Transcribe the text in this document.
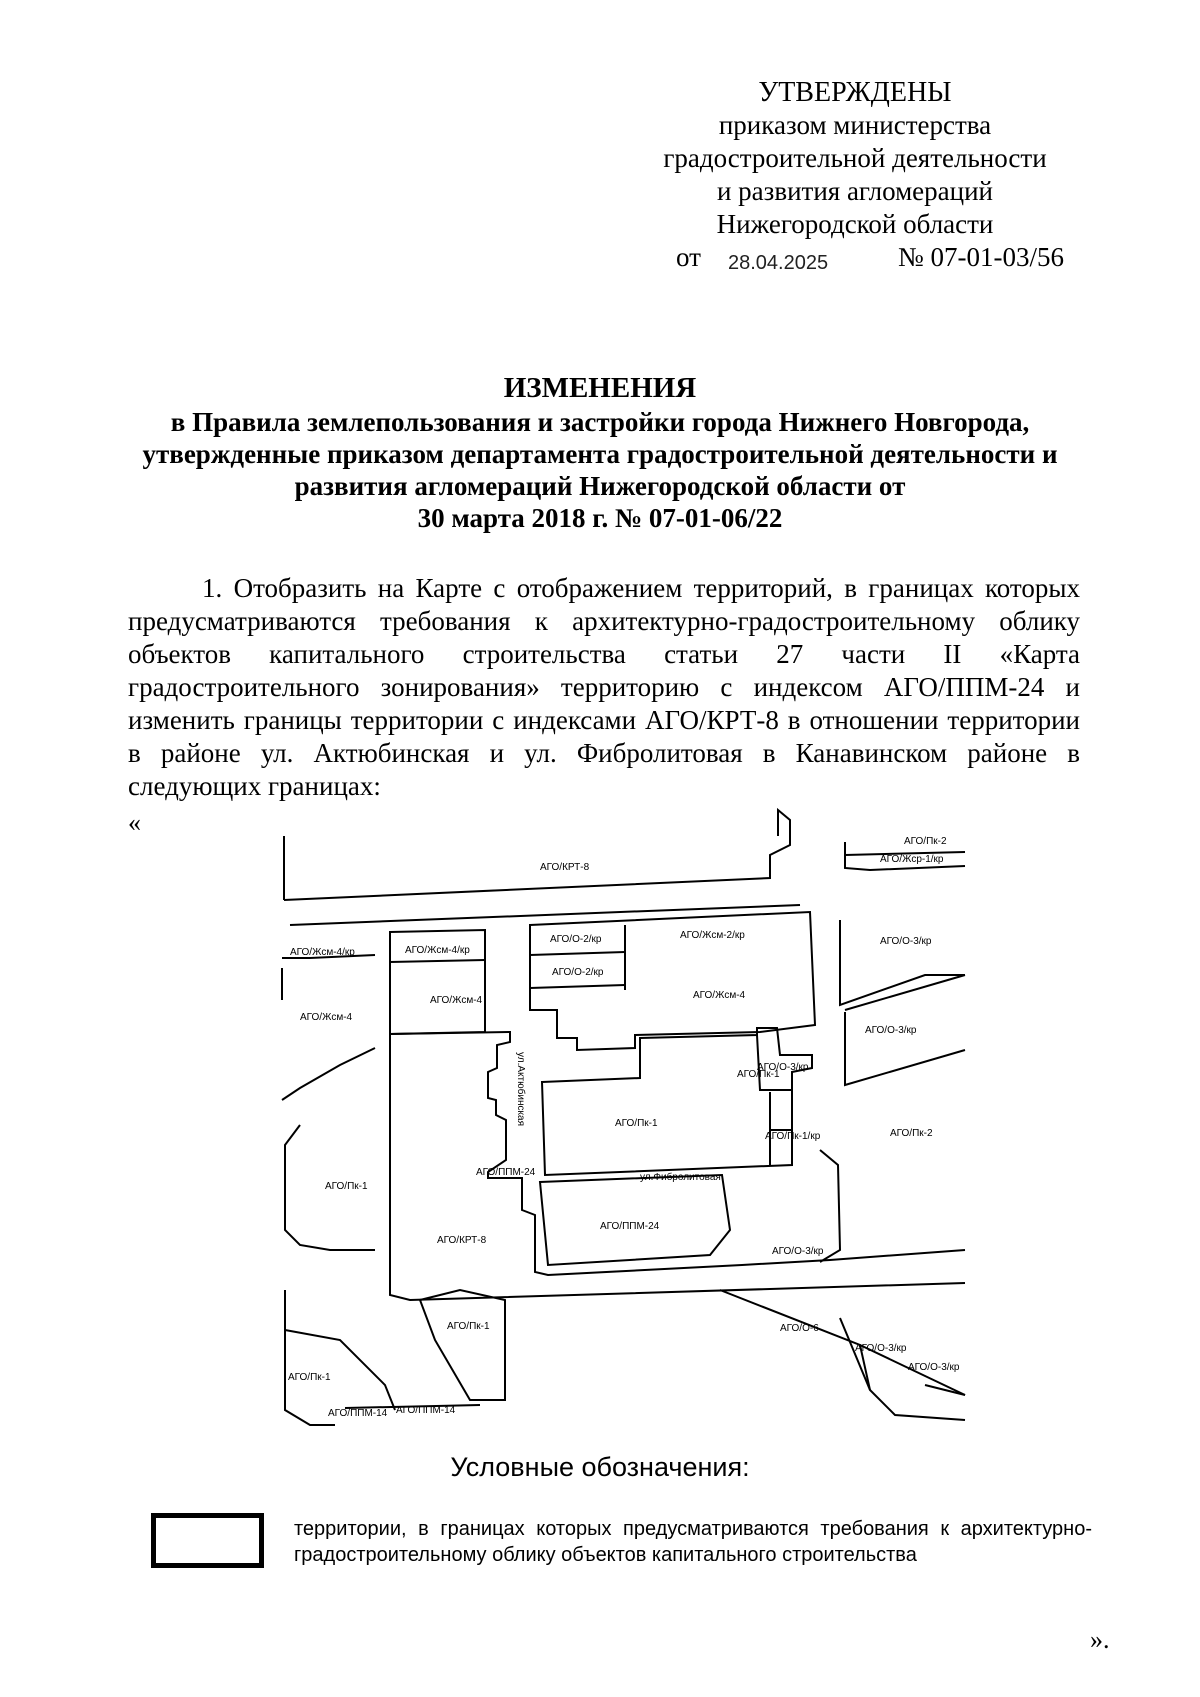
УТВЕРЖДЕНЫ
приказом министерства
градостроительной деятельности
и развития агломераций
Нижегородской области
от 28.04.2025	№ 07-01-03/56
ИЗМЕНЕНИЯ
в Правила землепользования и застройки города Нижнего Новгорода,
утвержденные приказом департамента градостроительной деятельности и
развития агломераций Нижегородской области от
30 марта 2018 г. № 07-01-06/22
1. Отобразить на Карте с отображением территорий, в границах которых предусматриваются требования к архитектурно-градостроительному облику объектов капитального строительства статьи 27 части II «Карта градостроительного зонирования» территорию с индексом АГО/ППМ-24 и изменить границы территории с индексами АГО/КРТ-8 в отношении территории в районе ул. Актюбинская и ул. Фибролитовая в Канавинском районе в следующих границах:
«
АГО/КРТ-8
АГО/Пк-2
АГО/Жср-1/кр
АГО/Жсм-4/кр	АГО/Жсм-4/кр
АГО/О-2/кр	АГО/Жсм-2/кр
АГО/О-3/кр
АГО/О-2/кр
АГО/Жсм-4	АГО/Жсм-4
АГО/Жсм-4
АГО/О-3/кр
ул.Актюбинская	АГО/О-3/кр
АГО/Пк-1
АГО/Пк-1
АГО/Пк-1/кр	АГО/Пк-2
АГО/ППМ-24	ул.Фибролитовая
АГО/Пк-1
АГО/ППМ-24
АГО/КРТ-8
АГО/О-3/кр
АГО/Пк-1	АГО/О-6
АГО/О-3/кр
АГО/О-3/кр
АГО/Пк-1
АГО/ППМ-14 АГО/ППМ-14
Условные обозначения:
территории, в границах которых предусматриваются требования к архитектурно-градостроительному облику объектов капитального строительства
».
